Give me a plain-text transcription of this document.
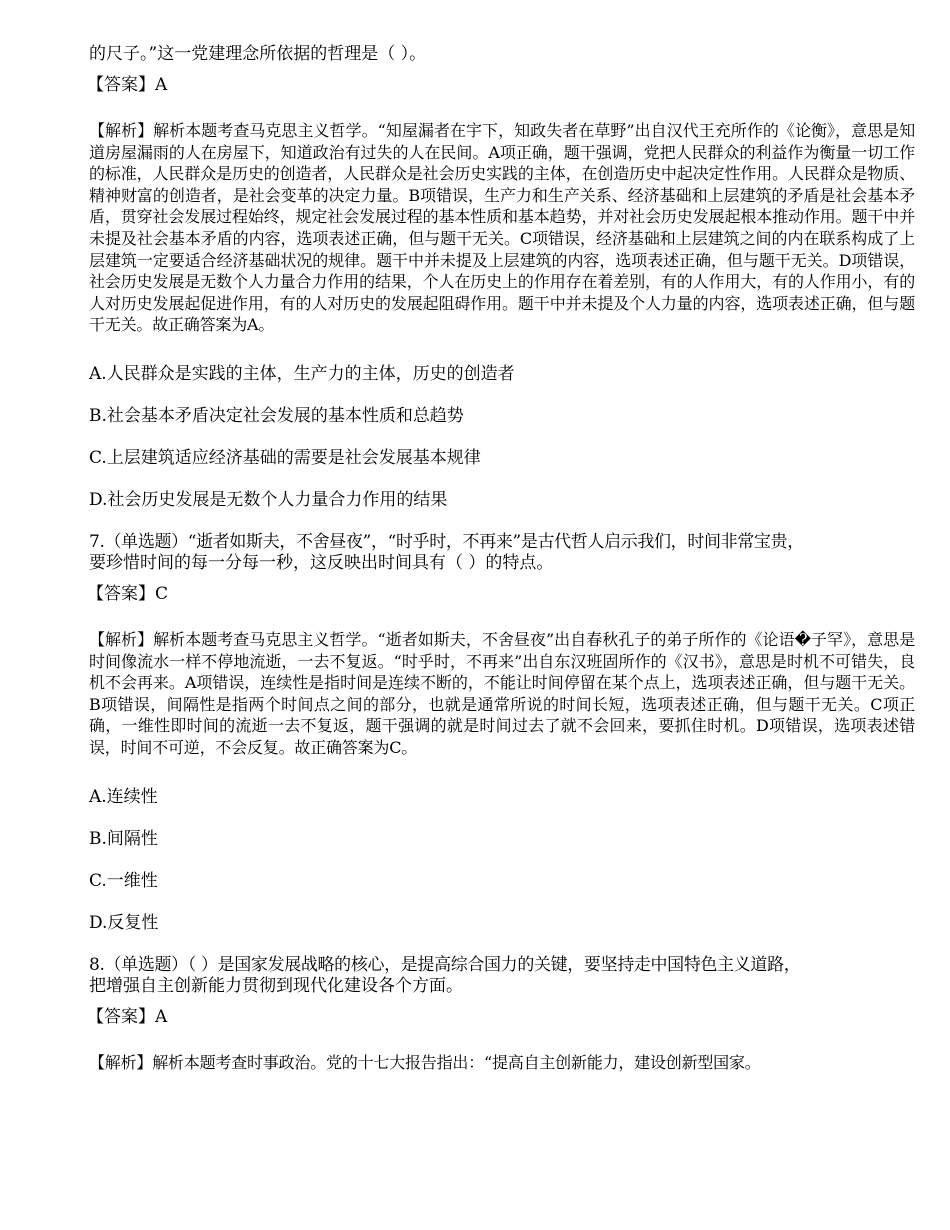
的尺子。”这一党建理念所依据的哲理是（ ）。

【答案】A

【解析】解析本题考查马克思主义哲学。“知屋漏者在宇下，知政失者在草野”出自汉代王充所作的《论衡》，意思是知道房屋漏雨的人在房屋下，知道政治有过失的人在民间。A项正确，题干强调，党把人民群众的利益作为衡量一切工作的标准，人民群众是历史的创造者，人民群众是社会历史实践的主体，在创造历史中起决定性作用。人民群众是物质、精神财富的创造者，是社会变革的决定力量。B项错误，生产力和生产关系、经济基础和上层建筑的矛盾是社会基本矛盾，贯穿社会发展过程始终，规定社会发展过程的基本性质和基本趋势，并对社会历史发展起根本推动作用。题干中并未提及社会基本矛盾的内容，选项表述正确，但与题干无关。C项错误，经济基础和上层建筑之间的内在联系构成了上层建筑一定要适合经济基础状况的规律。题干中并未提及上层建筑的内容，选项表述正确，但与题干无关。D项错误，社会历史发展是无数个人力量合力作用的结果，个人在历史上的作用存在着差别，有的人作用大，有的人作用小，有的人对历史发展起促进作用，有的人对历史的发展起阻碍作用。题干中并未提及个人力量的内容，选项表述正确，但与题干无关。故正确答案为A。

A.人民群众是实践的主体，生产力的主体，历史的创造者

B.社会基本矛盾决定社会发展的基本性质和总趋势

C.上层建筑适应经济基础的需要是社会发展基本规律

D.社会历史发展是无数个人力量合力作用的结果

7.（单选题）“逝者如斯夫，不舍昼夜”，“时乎时，不再来”是古代哲人启示我们，时间非常宝贵，

要珍惜时间的每一分每一秒，这反映出时间具有（ ）的特点。

【答案】C

【解析】解析本题考查马克思主义哲学。“逝者如斯夫，不舍昼夜”出自春秋孔子的弟子所作的《论语�子罕》，意思是时间像流水一样不停地流逝，一去不复返。“时乎时，不再来”出自东汉班固所作的《汉书》，意思是时机不可错失，良机不会再来。A项错误，连续性是指时间是连续不断的，不能让时间停留在某个点上，选项表述正确，但与题干无关。B项错误，间隔性是指两个时间点之间的部分，也就是通常所说的时间长短，选项表述正确，但与题干无关。C项正确，一维性即时间的流逝一去不复返，题干强调的就是时间过去了就不会回来，要抓住时机。D项错误，选项表述错误，时间不可逆，不会反复。故正确答案为C。

A.连续性

B.间隔性

C.一维性

D.反复性

8.（单选题）（ ）是国家发展战略的核心，是提高综合国力的关键，要坚持走中国特色主义道路，

把增强自主创新能力贯彻到现代化建设各个方面。

【答案】A

【解析】解析本题考查时事政治。党的十七大报告指出：“提高自主创新能力，建设创新型国家。
